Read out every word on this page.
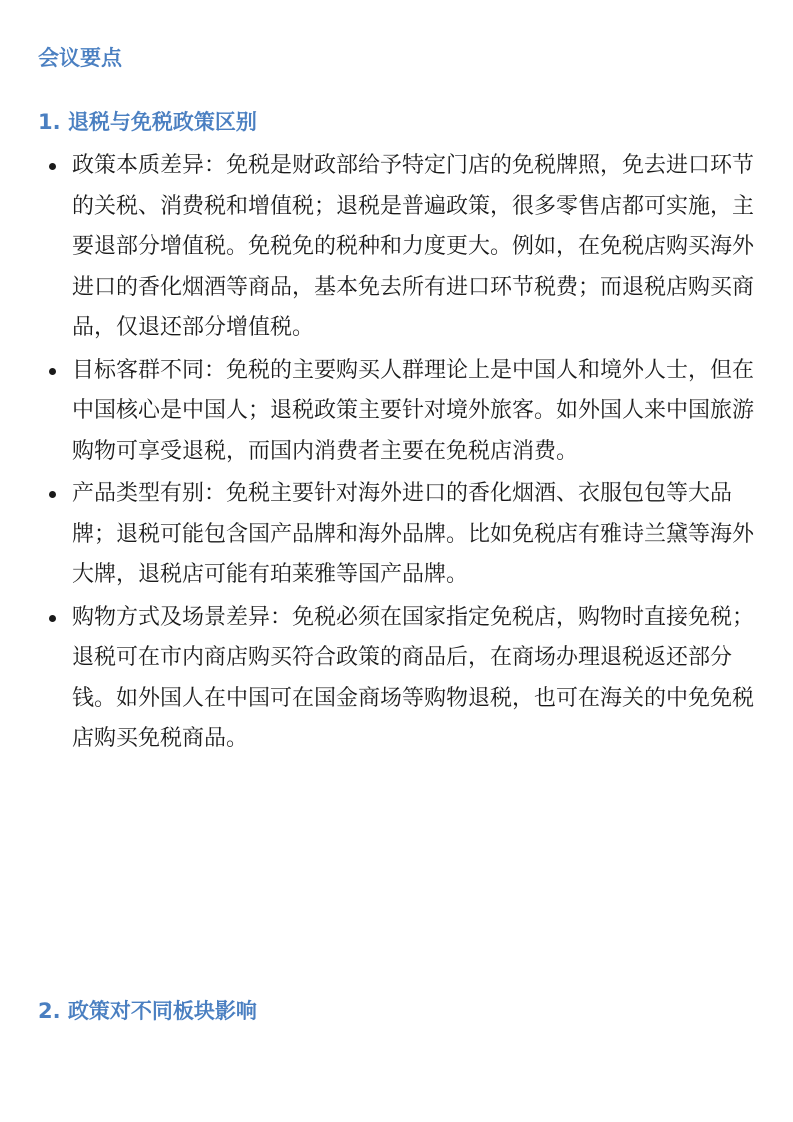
会议要点
1. 退税与免税政策区别
政策本质差异：免税是财政部给予特定门店的免税牌照，免去进口环节的关税、消费税和增值税；退税是普遍政策，很多零售店都可实施，主要退部分增值税。免税免的税种和力度更大。例如，在免税店购买海外进口的香化烟酒等商品，基本免去所有进口环节税费；而退税店购买商品，仅退还部分增值税。
目标客群不同：免税的主要购买人群理论上是中国人和境外人士，但在中国核心是中国人；退税政策主要针对境外旅客。如外国人来中国旅游购物可享受退税，而国内消费者主要在免税店消费。
产品类型有别：免税主要针对海外进口的香化烟酒、衣服包包等大品牌；退税可能包含国产品牌和海外品牌。比如免税店有雅诗兰黛等海外大牌，退税店可能有珀莱雅等国产品牌。
购物方式及场景差异：免税必须在国家指定免税店，购物时直接免税；退税可在市内商店购买符合政策的商品后，在商场办理退税返还部分钱。如外国人在中国可在国金商场等购物退税，也可在海关的中免免税店购买免税商品。
2. 政策对不同板块影响
